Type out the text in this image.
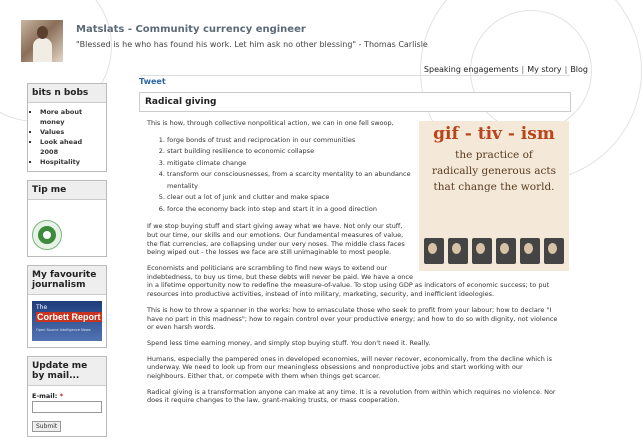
Matslats - Community currency engineer
"Blessed is he who has found his work. Let him ask no other blessing" - Thomas Carlisle
Speaking engagements | My story | Blog
bits n bobs
▪ More about money
▪ Values
▪ Look ahead 2008
▪ Hospitality
Tip me
My favourite journalism
The
Corbett Report
Open Source Intelligence News
Update me by mail...
E-mail: *
Submit
Tweet
Radical giving
gif - tiv - ism
the practice of
radically generous acts
that change the world.

This is how, through collective nonpolitical action, we can in one fell swoop,

1. forge bonds of trust and reciprocation in our communities
2. start building resilience to economic collapse
3. mitigate climate change
4. transform our consciousnesses, from a scarcity mentality to an abundance mentality
5. clear out a lot of junk and clutter and make space
6. force the economy back into step and start it in a good direction

If we stop buying stuff and start giving away what we have. Not only our stuff, but our time, our skills and our emotions. Our fundamental measures of value, the fiat currencies, are collapsing under our very noses. The middle class faces being wiped out - the losses we face are still unimaginable to most people.

Economists and politicians are scrambling to find new ways to extend our indebtedness, to buy us time, but these debts will never be paid. We have a once in a lifetime opportunity now to redefine the measure-of-value. To stop using GDP as indicators of economic success; to put resources into productive activities, instead of into military, marketing, security, and inefficient ideologies.

This is how to throw a spanner in the works: how to emasculate those who seek to profit from your labour; how to declare "I have no part in this madness"; how to regain control over your productive energy; and how to do so with dignity, not violence or even harsh words.

Spend less time earning money, and simply stop buying stuff. You don't need it. Really.

Humans, especially the pampered ones in developed economies, will never recover, economically, from the decline which is underway. We need to look up from our meaningless obsessions and nonproductive jobs and start working with our neighbours. Either that, or compete with them when things get scarcer.

Radical giving is a transformation anyone can make at any time. It is a revolution from within which requires no violence. Nor does it require changes to the law, grant-making trusts, or mass cooperation.
